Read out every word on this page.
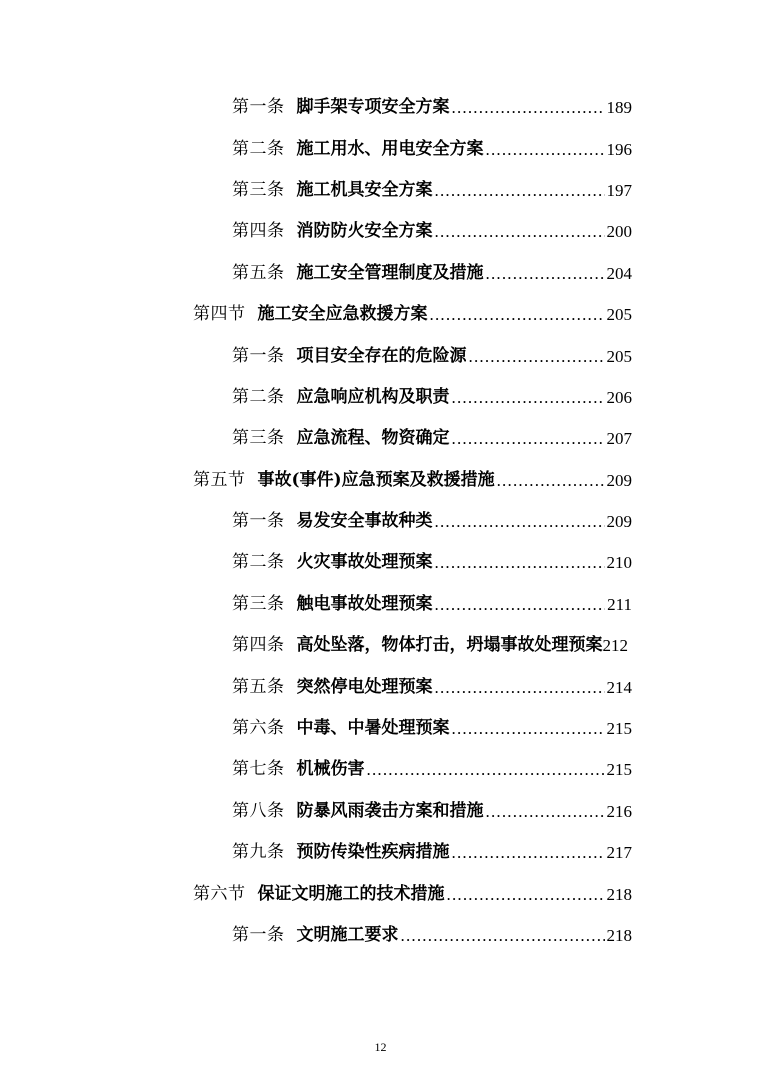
第一条 脚手架专项安全方案 .....	189
第二条 施工用水、用电安全方案 .....	196
第三条 施工机具安全方案 .....	197
第四条 消防防火安全方案 .....	200
第五条 施工安全管理制度及措施 .....	204
第四节 施工安全应急救援方案 .....	205
第一条 项目安全存在的危险源 .....	205
第二条 应急响应机构及职责 .....	206
第三条 应急流程、物资确定 .....	207
第五节 事故(事件)应急预案及救援措施 .....	209
第一条 易发安全事故种类 .....	209
第二条 火灾事故处理预案 .....	210
第三条 触电事故处理预案 .....	211
第四条 高处坠落，物体打击，坍塌事故处理预案 212
第五条 突然停电处理预案 .....	214
第六条 中毒、中暑处理预案 .....	215
第七条 机械伤害 .....	215
第八条 防暴风雨袭击方案和措施 .....	216
第九条 预防传染性疾病措施 .....	217
第六节 保证文明施工的技术措施 .....	218
第一条 文明施工要求 .....	218
12
